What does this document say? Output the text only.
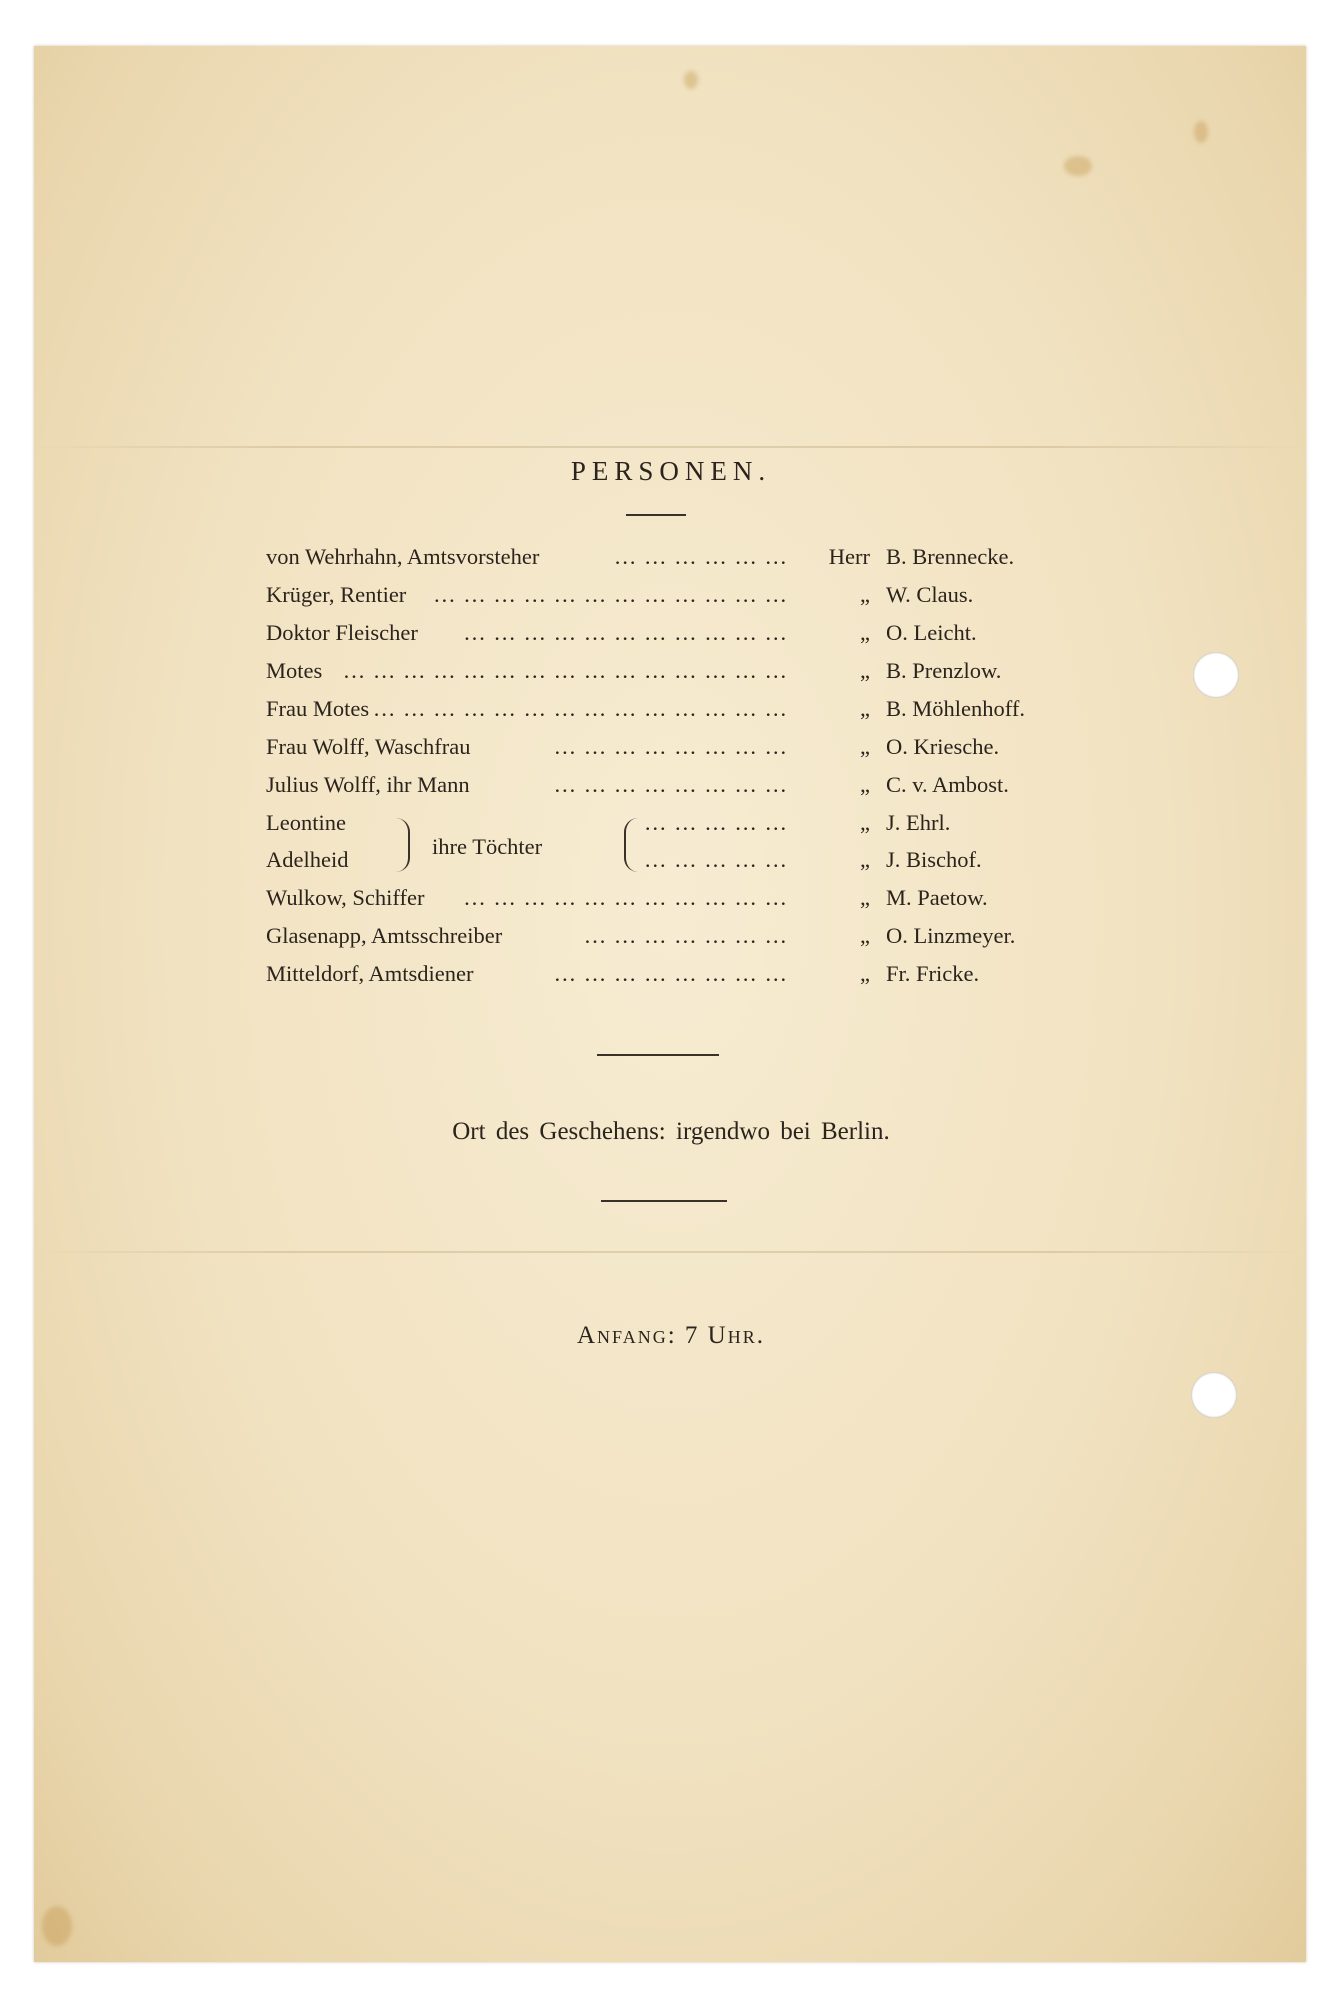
PERSONEN.
von Wehrhahn, Amtsvorsteher	… … … … … …	Herr B. Brennecke.
Krüger, Rentier	… … … … … … … … … … … …	„ W. Claus.
Doktor Fleischer	… … … … … … … … … … …	„ O. Leicht.
Motes … … … … … … … … … … … … … … …	„ B. Prenzlow.
Frau Motes … … … … … … … … … … … … … …	„ B. Möhlenhoff.
Frau Wolff, Waschfrau	… … … … … … … …	„ O. Kriesche.
Julius Wolff, ihr Mann	… … … … … … … …	„ C. v. Ambost.
Leontine	… … … … …	„ J. Ehrl.
Adelheid	… … … … …	„ J. Bischof.
Wulkow, Schiffer	… … … … … … … … … … …	„ M. Paetow.
Glasenapp, Amtsschreiber	… … … … … … …	„ O. Linzmeyer.
Mitteldorf, Amtsdiener	… … … … … … … …	„ Fr. Fricke.
ihre Töchter
Ort des Geschehens: irgendwo bei Berlin.
Anfang: 7 Uhr.
